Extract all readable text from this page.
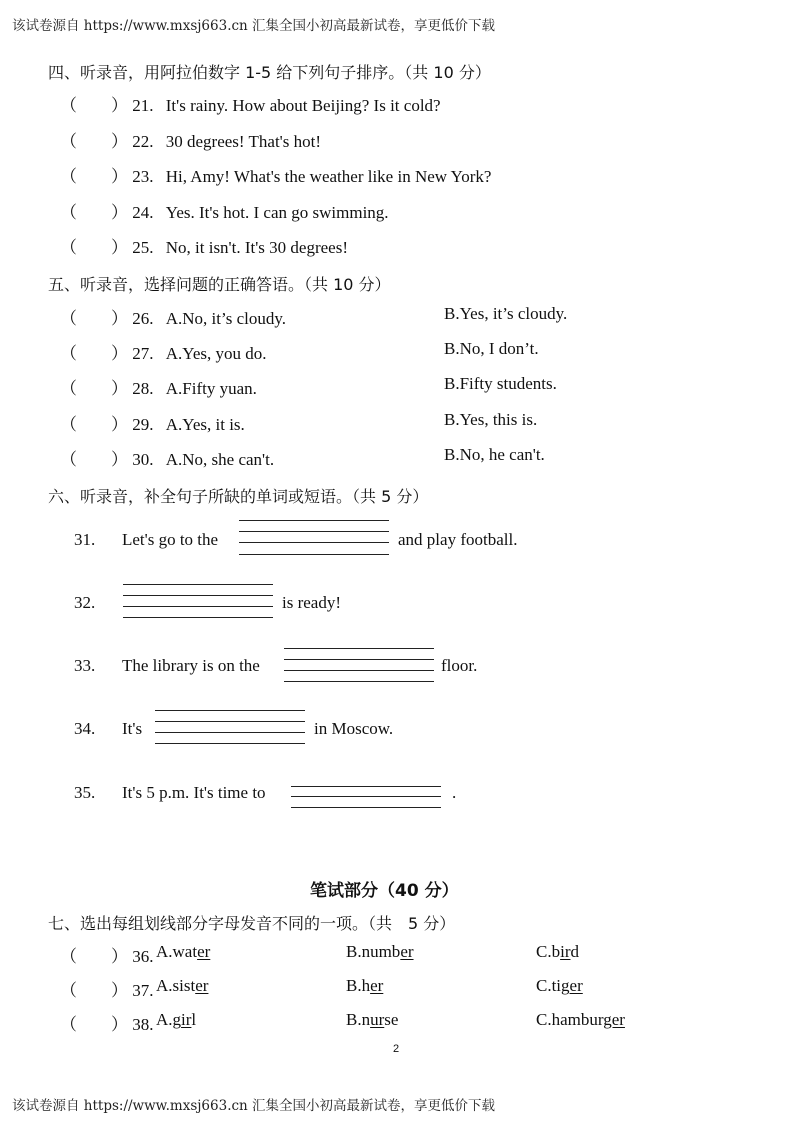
该试卷源自 https://www.mxsj663.cn 汇集全国小初高最新试卷，享更低价下载
四、听录音，用阿拉伯数字 1-5 给下列句子排序。（共 10 分）
（　　） 21. It's rainy. How about Beijing? Is it cold?
（　　） 22. 30 degrees! That's hot!
（　　） 23. Hi, Amy! What's the weather like in New York?
（　　） 24. Yes. It's hot. I can go swimming.
（　　） 25. No, it isn't. It's 30 degrees!
五、听录音，选择问题的正确答语。（共 10 分）
（　　） 26. A.No, it’s cloudy.	B.Yes, it’s cloudy.
（　　） 27. A.Yes, you do.	B.No, I don’t.
（　　） 28. A.Fifty yuan.	B.Fifty students.
（　　） 29. A.Yes, it is.	B.Yes, this is.
（　　） 30. A.No, she can't.	B.No, he can't.
六、听录音，补全句子所缺的单词或短语。（共 5 分）
31. Let's go to the	and play football.
32.	is ready!
33. The library is on the	floor.
34. It's	in Moscow.
35. It's 5 p.m. It's time to	.
笔试部分（40 分）
七、选出每组划线部分字母发音不同的一项。（共　5 分）
（　　） 36. A.water	B.number	C.bird
（　　） 37. A.sister	B.her	C.tiger
（　　） 38. A.girl	B.nurse	C.hamburger
2
该试卷源自 https://www.mxsj663.cn 汇集全国小初高最新试卷，享更低价下载
